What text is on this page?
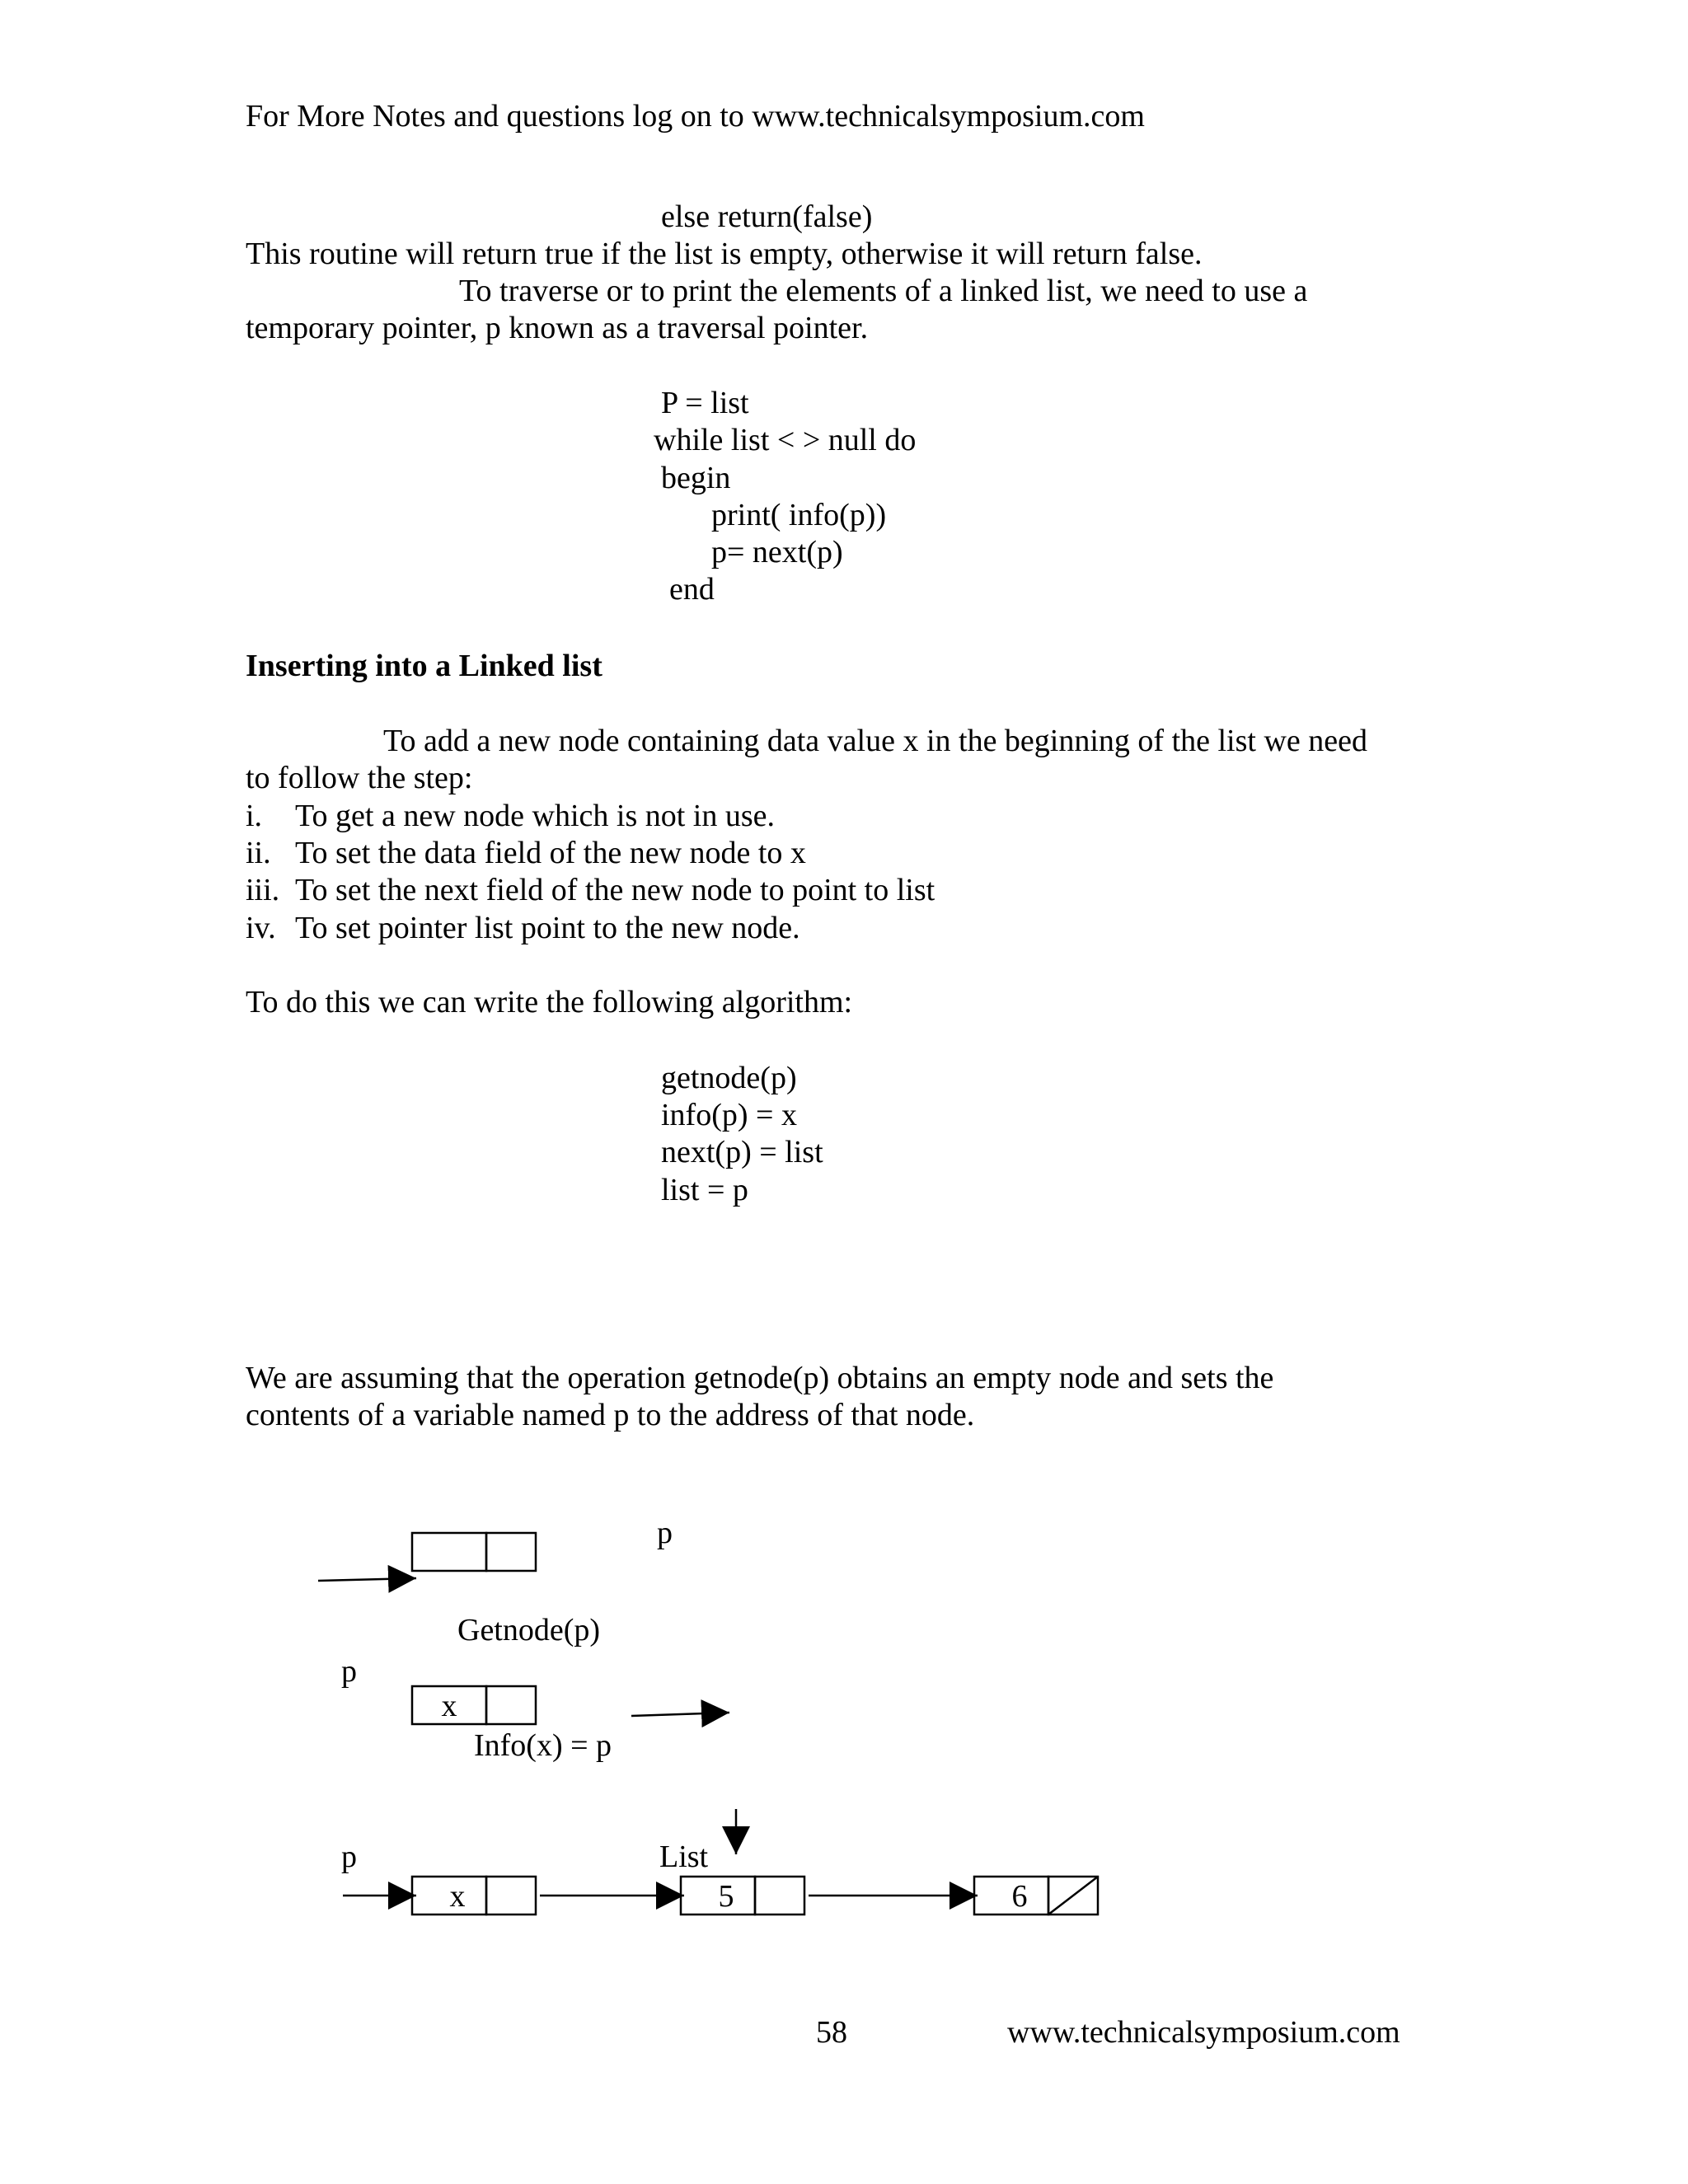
For More Notes and questions log on to www.technicalsymposium.com
else return(false)
This routine will return true if the list is empty, otherwise it will return false.
To traverse or to print the elements of a linked list, we need to use a
temporary pointer, p known as a traversal pointer.
P = list
while list < > null do
begin
print( info(p))
p= next(p)
end
Inserting into a Linked list
To add a new node containing data value x in the beginning of the list we need
to follow the step:
i. To get a new node which is not in use.
ii. To set the data field of the new node to x
iii. To set the next field of the new node to point to list
iv. To set pointer list point to the new node.
To do this we can write the following algorithm:
getnode(p)
info(p) = x
next(p) = list
list = p
We are assuming that the operation getnode(p) obtains an empty node and sets the
contents of a variable named p to the address of that node.
p
Getnode(p)
p
x
Info(x) = p
p	List
x	5	6
58	www.technicalsymposium.com
